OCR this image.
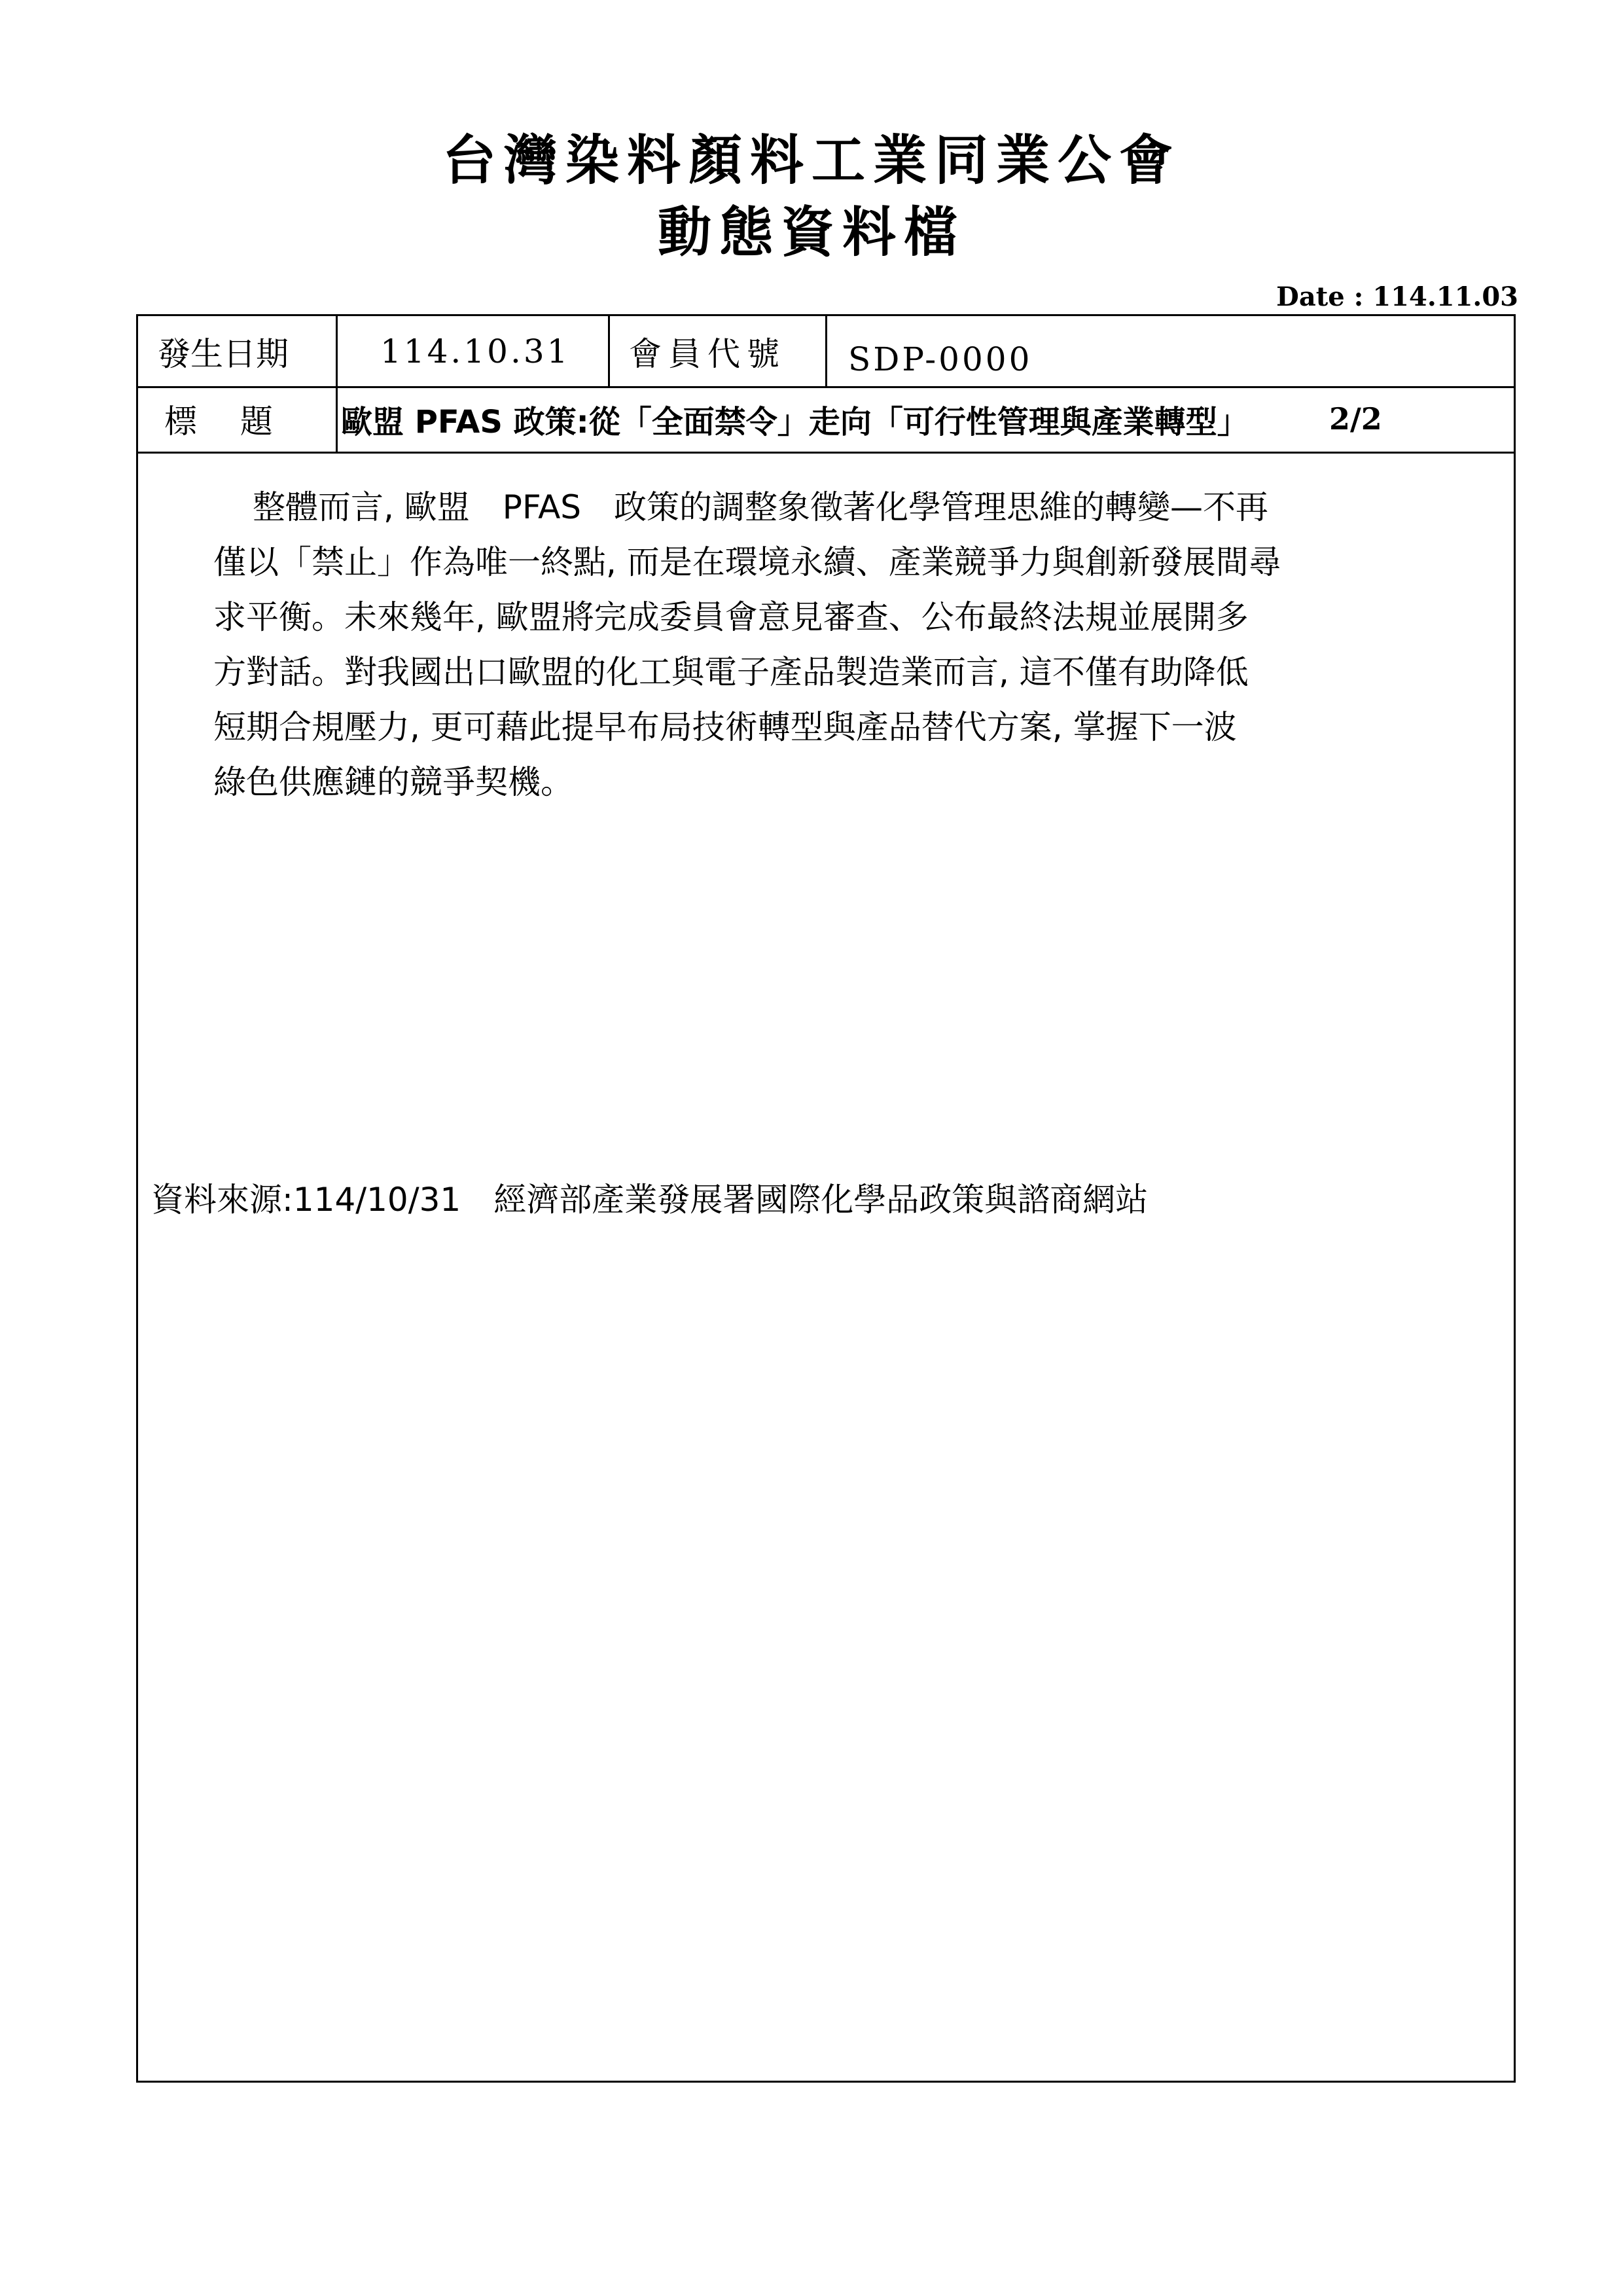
台灣染料顏料工業同業公會
動態資料檔
Date : 114.11.03
發生日期	114.10.31 會員代號 SDP-0000
標　 題 歐盟 PFAS 政策:從「全面禁令」走向「可行性管理與產業轉型」	2/2
整體而言, 歐盟　PFAS　政策的調整象徵著化學管理思維的轉變—不再
僅以「禁止」作為唯一終點, 而是在環境永續、產業競爭力與創新發展間尋
求平衡。未來幾年, 歐盟將完成委員會意見審查、公布最終法規並展開多
方對話。對我國出口歐盟的化工與電子產品製造業而言, 這不僅有助降低
短期合規壓力, 更可藉此提早布局技術轉型與產品替代方案, 掌握下一波
綠色供應鏈的競爭契機。
資料來源:114/10/31　經濟部產業發展署國際化學品政策與諮商網站
